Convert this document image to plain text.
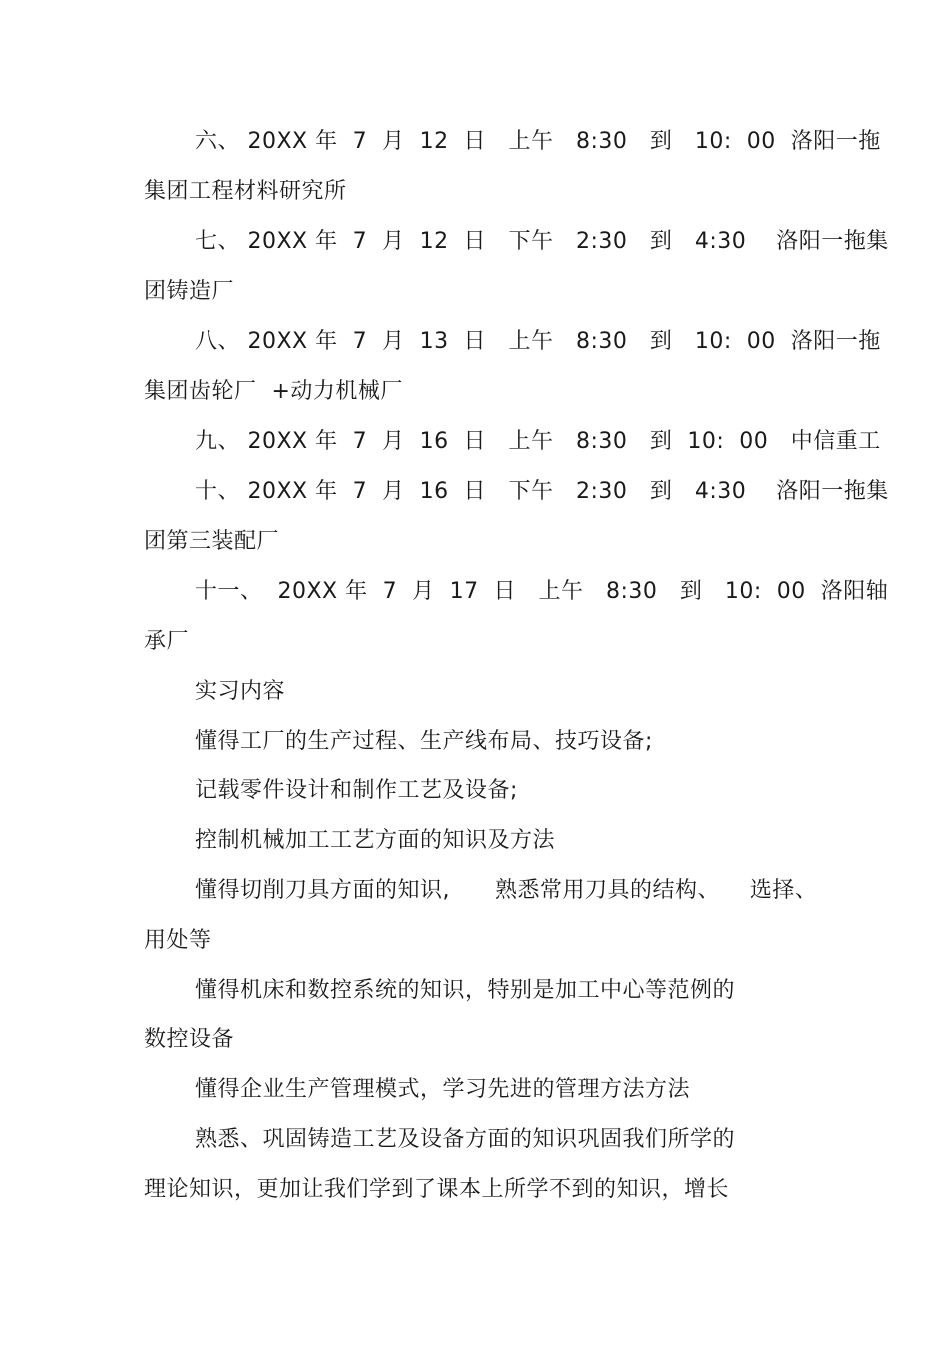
六、 20XX 年  7  月  12  日   上午   8:30   到   10:  00  洛阳一拖
集团工程材料研究所
七、 20XX 年  7  月  12  日   下午   2:30   到   4:30    洛阳一拖集
团铸造厂
八、 20XX 年  7  月  13  日   上午   8:30   到   10:  00  洛阳一拖
集团齿轮厂  +动力机械厂
九、 20XX 年  7  月  16  日   上午   8:30   到  10:  00   中信重工
十、 20XX 年  7  月  16  日   下午   2:30   到   4:30    洛阳一拖集
团第三装配厂
十一、  20XX 年  7  月  17  日   上午   8:30   到   10:  00  洛阳轴
承厂
实习内容
懂得工厂的生产过程、生产线布局、技巧设备;
记载零件设计和制作工艺及设备;
控制机械加工工艺方面的知识及方法
懂得切削刀具方面的知识,      熟悉常用刀具的结构、    选择、
用处等
懂得机床和数控系统的知识，特别是加工中心等范例的
数控设备
懂得企业生产管理模式，学习先进的管理方法方法
熟悉、巩固铸造工艺及设备方面的知识巩固我们所学的
理论知识，更加让我们学到了课本上所学不到的知识，增长
